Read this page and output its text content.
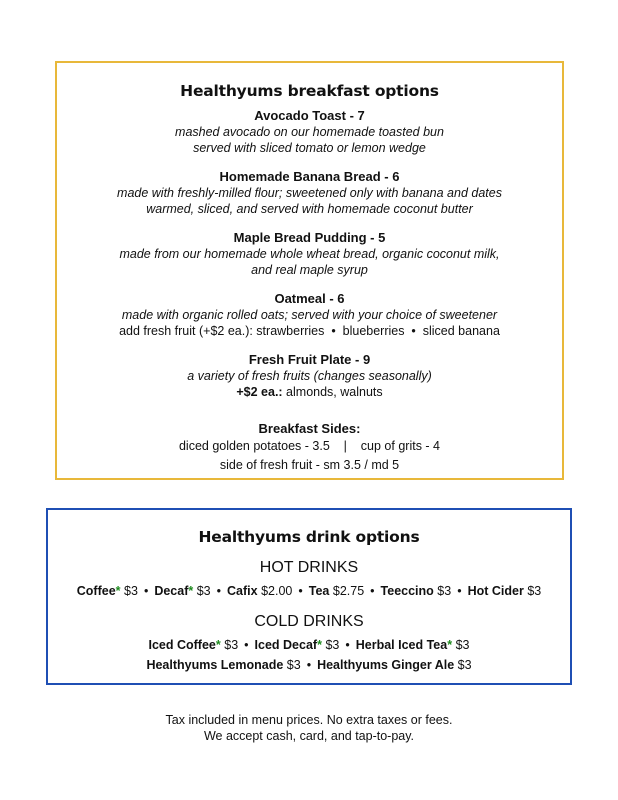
Healthyums breakfast options
Avocado Toast - 7
mashed avocado on our homemade toasted bun
served with sliced tomato or lemon wedge
Homemade Banana Bread - 6
made with freshly-milled flour; sweetened only with banana and dates
warmed, sliced, and served with homemade coconut butter
Maple Bread Pudding - 5
made from our homemade whole wheat bread, organic coconut milk,
and real maple syrup
Oatmeal - 6
made with organic rolled oats; served with your choice of sweetener
add fresh fruit (+$2 ea.): strawberries  •  blueberries  •  sliced banana
Fresh Fruit Plate - 9
a variety of fresh fruits (changes seasonally)
+$2 ea.: almonds, walnuts
Breakfast Sides:
diced golden potatoes - 3.5    |    cup of grits - 4
side of fresh fruit - sm 3.5 / md 5
Healthyums drink options
HOT DRINKS
Coffee* $3 • Decaf* $3 • Cafix $2.00 • Tea $2.75 • Teeccino $3 • Hot Cider $3
COLD DRINKS
Iced Coffee* $3 • Iced Decaf* $3 • Herbal Iced Tea* $3
Healthyums Lemonade $3 • Healthyums Ginger Ale $3
Tax included in menu prices. No extra taxes or fees.
We accept cash, card, and tap-to-pay.
